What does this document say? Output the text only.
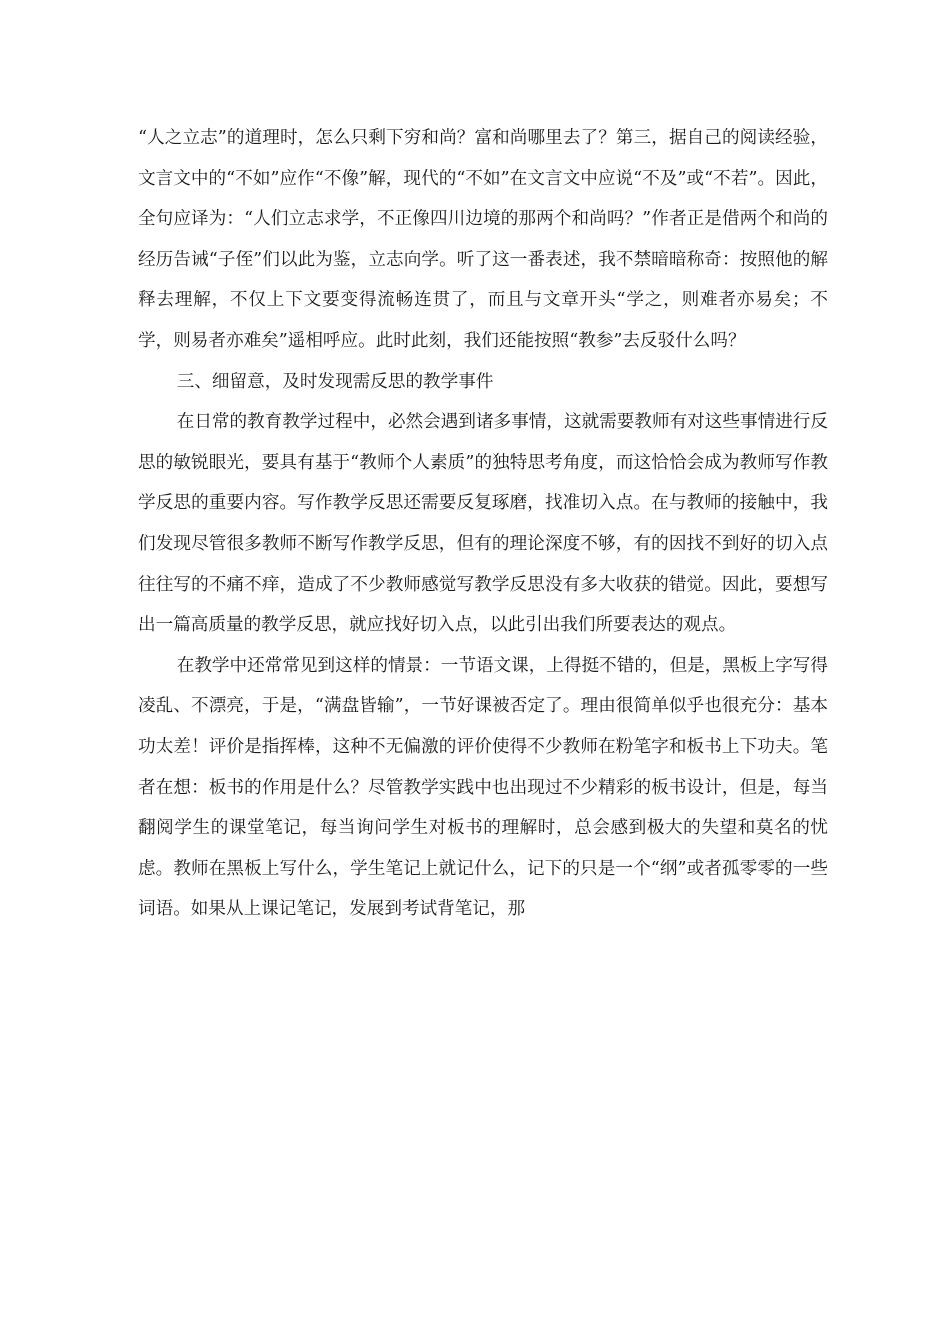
“人之立志”的道理时，怎么只剩下穷和尚？富和尚哪里去了？第三，据自己的阅读经验，文言文中的“不如”应作“不像”解，现代的“不如”在文言文中应说“不及”或“不若”。因此，全句应译为：“人们立志求学，不正像四川边境的那两个和尚吗？”作者正是借两个和尚的经历告诫“子侄”们以此为鉴，立志向学。听了这一番表述，我不禁暗暗称奇：按照他的解释去理解，不仅上下文要变得流畅连贯了，而且与文章开头“学之，则难者亦易矣；不学，则易者亦难矣”遥相呼应。此时此刻，我们还能按照“教参”去反驳什么吗？

三、细留意，及时发现需反思的教学事件

在日常的教育教学过程中，必然会遇到诸多事情，这就需要教师有对这些事情进行反思的敏锐眼光，要具有基于“教师个人素质”的独特思考角度，而这恰恰会成为教师写作教学反思的重要内容。写作教学反思还需要反复琢磨，找准切入点。在与教师的接触中，我们发现尽管很多教师不断写作教学反思，但有的理论深度不够，有的因找不到好的切入点往往写的不痛不痒，造成了不少教师感觉写教学反思没有多大收获的错觉。因此，要想写出一篇高质量的教学反思，就应找好切入点，以此引出我们所要表达的观点。

在教学中还常常见到这样的情景：一节语文课，上得挺不错的，但是，黑板上字写得凌乱、不漂亮，于是，“满盘皆输”，一节好课被否定了。理由很简单似乎也很充分：基本功太差！评价是指挥棒，这种不无偏激的评价使得不少教师在粉笔字和板书上下功夫。笔者在想：板书的作用是什么？尽管教学实践中也出现过不少精彩的板书设计，但是，每当翻阅学生的课堂笔记，每当询问学生对板书的理解时，总会感到极大的失望和莫名的忧虑。教师在黑板上写什么，学生笔记上就记什么，记下的只是一个“纲”或者孤零零的一些词语。如果从上课记笔记，发展到考试背笔记，那
